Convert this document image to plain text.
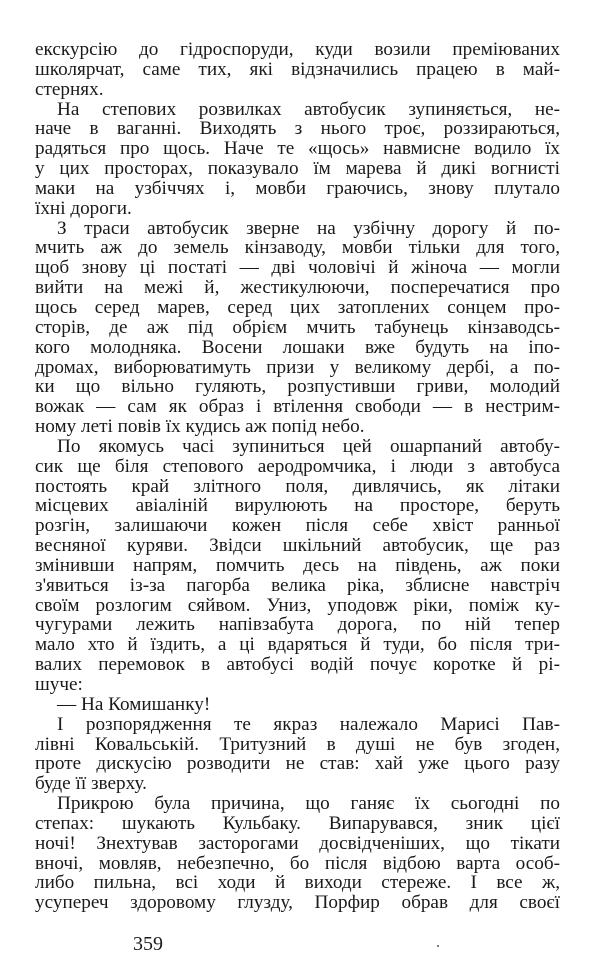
екскурсію до гідроспоруди, куди возили преміюваних
школярчат, саме тих, які відзначились працею в май-
стернях.
На степових розвилках автобусик зупиняється, не-
наче в ваганні. Виходять з нього троє, роззираються,
радяться про щось. Наче те «щось» навмисне водило їх
у цих просторах, показувало їм марева й дикі вогнисті
маки на узбіччях і, мовби граючись, знову плутало
їхні дороги.
З траси автобусик зверне на узбічну дорогу й по-
мчить аж до земель кінзаводу, мовби тільки для того,
щоб знову ці постаті — дві чоловічі й жіноча — могли
вийти на межі й, жестикулюючи, посперечатися про
щось серед марев, серед цих затоплених сонцем про-
сторів, де аж під обрієм мчить табунець кінзаводсь-
кого молодняка. Восени лошаки вже будуть на іпо-
дромах, виборюватимуть призи у великому дербі, а по-
ки що вільно гуляють, розпустивши гриви, молодий
вожак — сам як образ і втілення свободи — в нестрим-
ному леті повів їх кудись аж попід небо.
По якомусь часі зупиниться цей ошарпаний автобу-
сик ще біля степового аеродромчика, і люди з автобуса
постоять край злітного поля, дивлячись, як літаки
місцевих авіаліній вирулюють на просторе, беруть
розгін, залишаючи кожен після себе хвіст ранньої
весняної куряви. Звідси шкільний автобусик, ще раз
змінивши напрям, помчить десь на південь, аж поки
з'явиться із-за пагорба велика ріка, зблисне навстріч
своїм розлогим сяйвом. Униз, уподовж ріки, поміж ку-
чугурами лежить напівзабута дорога, по ній тепер
мало хто й їздить, а ці вдаряться й туди, бо після три-
валих перемовок в автобусі водій почує коротке й рі-
шуче:
— На Комишанку!
І розпорядження те якраз належало Марисі Пав-
лівні Ковальській. Тритузний в душі не був згоден,
проте дискусію розводити не став: хай уже цього разу
буде її зверху.
Прикрою була причина, що ганяє їх сьогодні по
степах: шукають Кульбаку. Випарувався, зник цієї
ночі! Знехтував засторогами досвідченіших, що тікати
вночі, мовляв, небезпечно, бо після відбою варта особ-
либо пильна, всі ходи й виходи стереже. І все ж,
усупереч здоровому глузду, Порфир обрав для своєї
359
